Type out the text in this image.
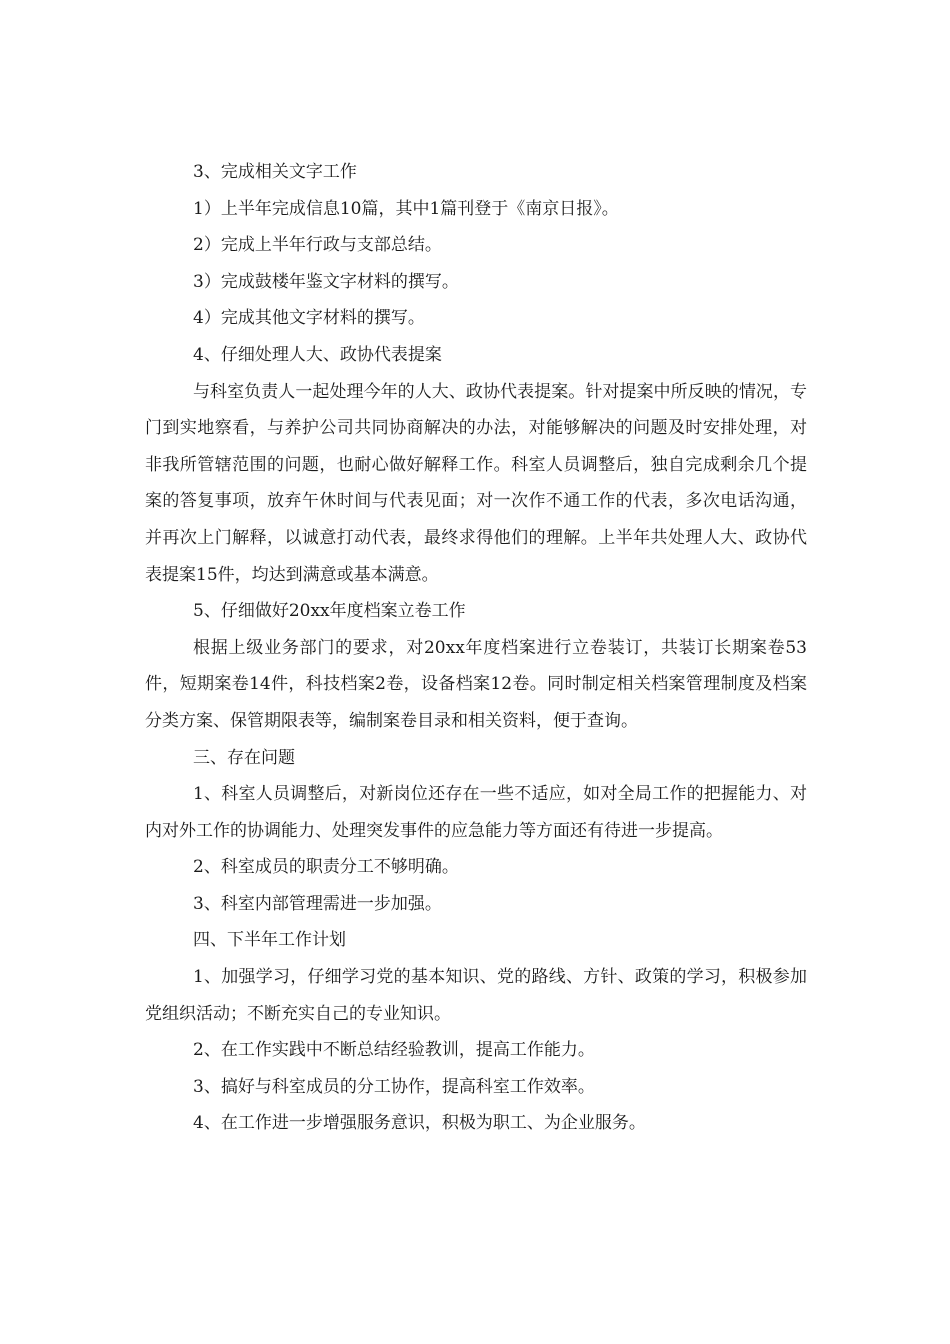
3、完成相关文字工作

1）上半年完成信息10篇，其中1篇刊登于《南京日报》。

2）完成上半年行政与支部总结。

3）完成鼓楼年鉴文字材料的撰写。

4）完成其他文字材料的撰写。

4、仔细处理人大、政协代表提案

与科室负责人一起处理今年的人大、政协代表提案。针对提案中所反映的情况，专门到实地察看，与养护公司共同协商解决的办法，对能够解决的问题及时安排处理，对非我所管辖范围的问题，也耐心做好解释工作。科室人员调整后，独自完成剩余几个提案的答复事项，放弃午休时间与代表见面；对一次作不通工作的代表，多次电话沟通，并再次上门解释，以诚意打动代表，最终求得他们的理解。上半年共处理人大、政协代表提案15件，均达到满意或基本满意。

5、仔细做好20xx年度档案立卷工作

根据上级业务部门的要求，对20xx年度档案进行立卷装订，共装订长期案卷53件，短期案卷14件，科技档案2卷，设备档案12卷。同时制定相关档案管理制度及档案分类方案、保管期限表等，编制案卷目录和相关资料，便于查询。

三、存在问题

1、科室人员调整后，对新岗位还存在一些不适应，如对全局工作的把握能力、对内对外工作的协调能力、处理突发事件的应急能力等方面还有待进一步提高。

2、科室成员的职责分工不够明确。

3、科室内部管理需进一步加强。

四、下半年工作计划

1、加强学习，仔细学习党的基本知识、党的路线、方针、政策的学习，积极参加党组织活动；不断充实自己的专业知识。

2、在工作实践中不断总结经验教训，提高工作能力。

3、搞好与科室成员的分工协作，提高科室工作效率。

4、在工作进一步增强服务意识，积极为职工、为企业服务。
